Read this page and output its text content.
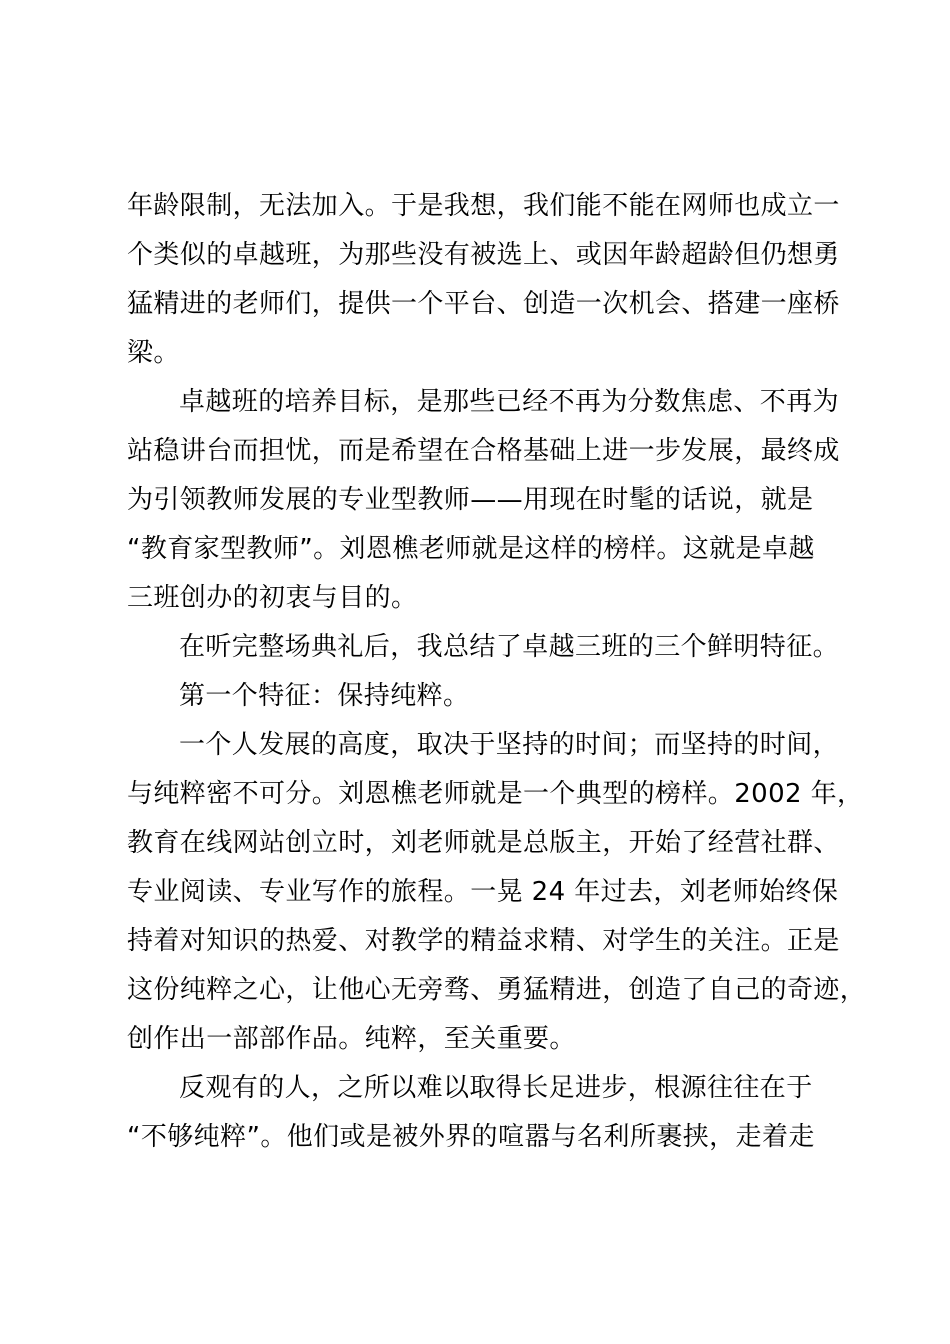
年龄限制，无法加入。于是我想，我们能不能在网师也成立一
个类似的卓越班，为那些没有被选上、或因年龄超龄但仍想勇
猛精进的老师们，提供一个平台、创造一次机会、搭建一座桥
梁。
卓越班的培养目标，是那些已经不再为分数焦虑、不再为
站稳讲台而担忧，而是希望在合格基础上进一步发展，最终成
为引领教师发展的专业型教师——用现在时髦的话说，就是
“教育家型教师”。刘恩樵老师就是这样的榜样。这就是卓越
三班创办的初衷与目的。
在听完整场典礼后，我总结了卓越三班的三个鲜明特征。
第一个特征：保持纯粹。
一个人发展的高度，取决于坚持的时间；而坚持的时间，
与纯粹密不可分。刘恩樵老师就是一个典型的榜样。2002 年，
教育在线网站创立时，刘老师就是总版主，开始了经营社群、
专业阅读、专业写作的旅程。一晃 24 年过去，刘老师始终保
持着对知识的热爱、对教学的精益求精、对学生的关注。正是
这份纯粹之心，让他心无旁骛、勇猛精进，创造了自己的奇迹，
创作出一部部作品。纯粹，至关重要。
反观有的人，之所以难以取得长足进步，根源往往在于
“不够纯粹”。他们或是被外界的喧嚣与名利所裹挟，走着走
